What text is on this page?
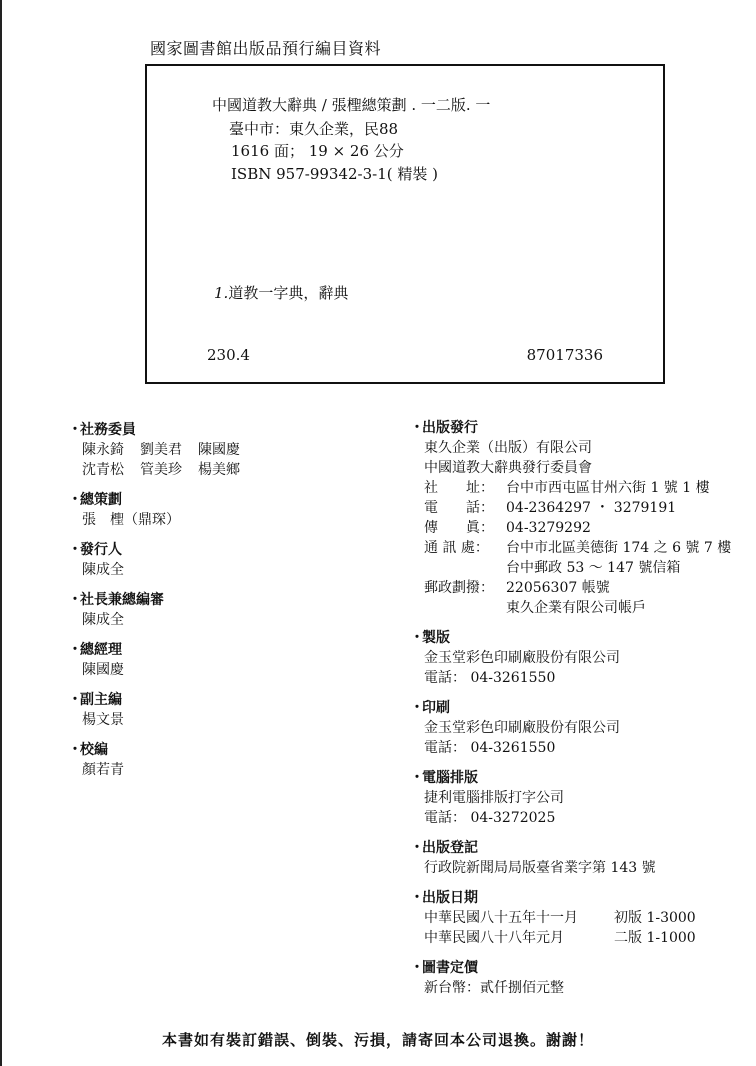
國家圖書館出版品預行編目資料
中國道教大辭典 / 張檉總策劃 . 一二版. 一
臺中市：東久企業，民88
1616 面； 19 × 26 公分
ISBN 957-99342-3-1( 精裝 )
1.道教一字典，辭典
230.4	87017336
・社務委員
陳永錡 劉美君 陳國慶
沈青松 管美珍 楊美鄉
・總策劃
張　檉（鼎琛）
・發行人
陳成全
・社長兼總編審
陳成全
・總經理
陳國慶
・副主編
楊文景
・校編
顏若青
・出版發行
東久企業（出版）有限公司
中國道教大辭典發行委員會
社　　址： 台中市西屯區甘州六街 1 號 1 樓
電　　話： 04-2364297 ・ 3279191
傳　　眞： 04-3279292
通 訊 處：	台中市北區美德街 174 之 6 號 7 樓
台中郵政 53 ～ 147 號信箱
郵政劃撥： 22056307 帳號
東久企業有限公司帳戶
・製版
金玉堂彩色印刷廠股份有限公司
電話： 04-3261550
・印刷
金玉堂彩色印刷廠股份有限公司
電話： 04-3261550
・電腦排版
捷利電腦排版打字公司
電話： 04-3272025
・出版登記
行政院新聞局局版臺省業字第 143 號
・出版日期
中華民國八十五年十一月	初版 1-3000
中華民國八十八年元月	二版 1-1000
・圖書定價
新台幣：貳仟捌佰元整
本書如有裝訂錯誤、倒裝、污損，請寄回本公司退換。謝謝！
